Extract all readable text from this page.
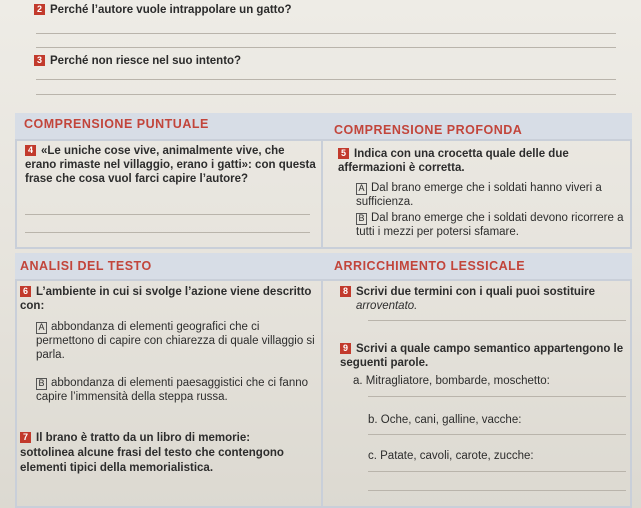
2 Perché l’autore vuole intrappolare un gatto?
3 Perché non riesce nel suo intento?
COMPRENSIONE PUNTUALE	COMPRENSIONE PROFONDA
4 «Le uniche cose vive, animalmente vive, che erano rimaste nel villaggio, erano i gatti»: con questa frase che cosa vuol farci capire l’autore?
5 Indica con una crocetta quale delle due affermazioni è corretta.
A Dal brano emerge che i soldati hanno viveri a sufficienza.
B Dal brano emerge che i soldati devono ricorrere a tutti i mezzi per potersi sfamare.
ANALISI DEL TESTO	ARRICCHIMENTO LESSICALE
6 L’ambiente in cui si svolge l’azione viene descritto con:
A abbondanza di elementi geografici che ci permettono di capire con chiarezza di quale villaggio si parla.
B abbondanza di elementi paesaggistici che ci fanno capire l’immensità della steppa russa.
7 Il brano è tratto da un libro di memorie: sottolinea alcune frasi del testo che contengono elementi tipici della memorialistica.
8 Scrivi due termini con i quali puoi sostituire
arroventato.
9 Scrivi a quale campo semantico appartengono le seguenti parole.
a. Mitragliatore, bombarde, moschetto:
b. Oche, cani, galline, vacche:
c. Patate, cavoli, carote, zucche:
